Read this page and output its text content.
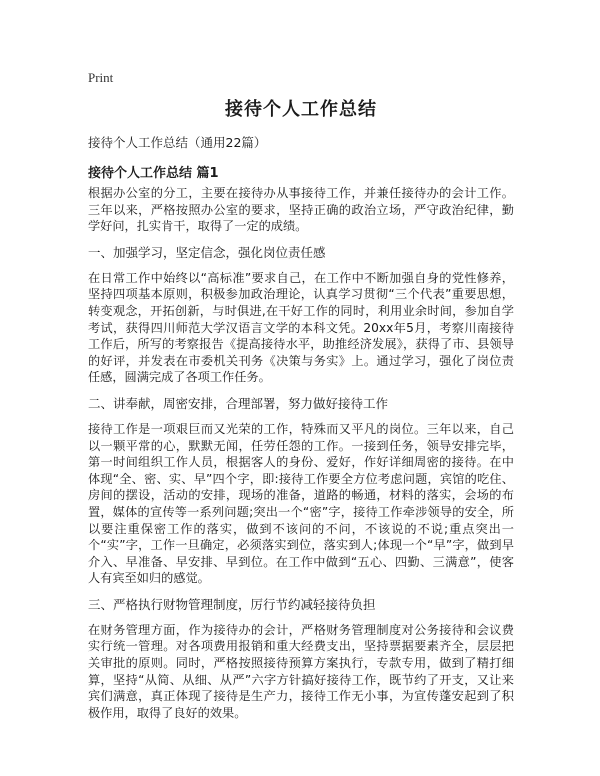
Print
接待个人工作总结
接待个人工作总结（通用22篇）
接待个人工作总结 篇1

根据办公室的分工，主要在接待办从事接待工作，并兼任接待办的会计工作。三年以来，严格按照办公室的要求，坚持正确的政治立场，严守政治纪律，勤学好问，扎实肯干，取得了一定的成绩。

一、加强学习，坚定信念，强化岗位责任感

在日常工作中始终以“高标准”要求自己，在工作中不断加强自身的党性修养，坚持四项基本原则，积极参加政治理论，认真学习贯彻“三个代表”重要思想，转变观念，开拓创新，与时俱进,在干好工作的同时，利用业余时间，参加自学考试，获得四川师范大学汉语言文学的本科文凭。20xx年5月，考察川南接待工作后，所写的考察报告《提高接待水平，助推经济发展》，获得了市、县领导的好评，并发表在市委机关刊务《决策与务实》上。通过学习，强化了岗位责任感，圆满完成了各项工作任务。

二、讲奉献，周密安排，合理部署，努力做好接待工作

接待工作是一项艰巨而又光荣的工作，特殊而又平凡的岗位。三年以来，自己以一颗平常的心，默默无闻，任劳任怨的工作。一接到任务，领导安排完毕，第一时间组织工作人员，根据客人的身份、爱好，作好详细周密的接待。在中体现“全、密、实、早”四个字，即:接待工作要全方位考虑问题，宾馆的吃住、房间的摆设，活动的安排，现场的准备，道路的畅通，材料的落实，会场的布置，媒体的宣传等一系列问题;突出一个“密”字，接待工作牵涉领导的安全，所以要注重保密工作的落实，做到不该问的不问，不该说的不说;重点突出一个“实”字，工作一旦确定，必须落实到位，落实到人;体现一个“早”字，做到早介入、早准备、早安排、早到位。在工作中做到“五心、四勤、三满意”，使客人有宾至如归的感觉。

三、严格执行财物管理制度，厉行节约减轻接待负担

在财务管理方面，作为接待办的会计，严格财务管理制度对公务接待和会议费实行统一管理。对各项费用报销和重大经费支出，坚持票据要素齐全，层层把关审批的原则。同时，严格按照接待预算方案执行，专款专用，做到了精打细算，坚持“从简、从细、从严”六字方针搞好接待工作，既节约了开支，又让来宾们满意，真正体现了接待是生产力，接待工作无小事，为宣传蓬安起到了积极作用，取得了良好的效果。
